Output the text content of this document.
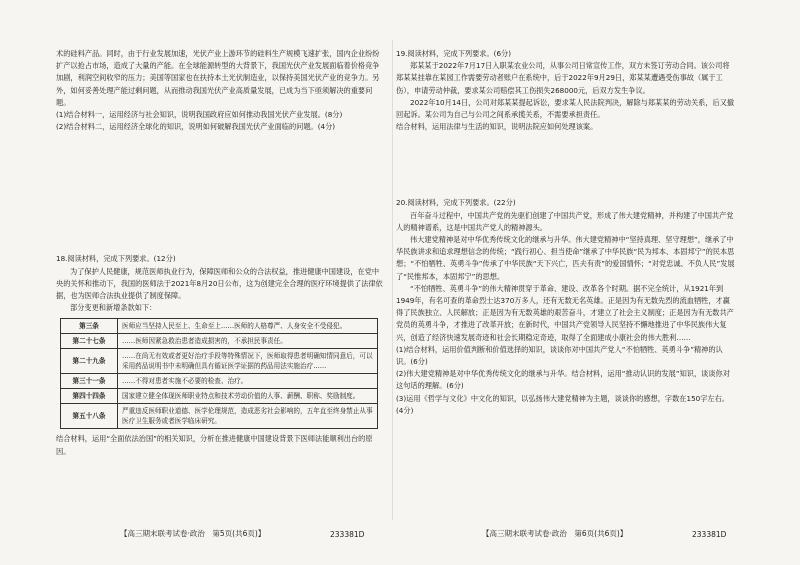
术的硅料产品。同时，由于行业发展加速，光伏产业上游环节的硅料生产规模飞速扩张，国内企业纷纷扩产以抢占市场，造成了大量的产能。在全球能源转型的大背景下，我国光伏产业发展面临着价格竞争加剧，利润空间收窄的压力；美国等国家也在扶持本土光伏制造业，以保持美国光伏产业的竞争力。另外，如何妥善处理产能过剩问题，从而推动我国光伏产业高质量发展，已成为当下亟须解决的重要问题。

(1)结合材料一，运用经济与社会知识，说明我国政府应如何推动我国光伏产业发展。(8分)

(2)结合材料二，运用经济全球化的知识，说明如何破解我国光伏产业面临的问题。(4分)

18.阅读材料，完成下列要求。(12分)

为了保护人民健康，规范医师执业行为，保障医师和公众的合法权益，推进健康中国建设，在党中央的关怀和推动下，我国的医师法于2021年8月20日公布，这为创建完全合理的医疗环境提供了法律依据，也为医师合法执业提供了制度保障。

部分变更和新增条款如下：

第三条	医师应当坚持人民至上、生命至上……医师的人格尊严、人身安全不受侵犯。
第二十七条	……医师因紧急救治患者造成损害的，不承担民事责任。
第二十九条	……在尚无有效或者更好治疗手段等特殊情况下，医师取得患者明确知情同意后，可以采用药品说明书中未明确但具有循证医学证据的药品用法实施治疗……
第三十一条	……不得对患者实施不必要的检查、治疗。
第四十四条	国家建立健全体现医师职业特点和技术劳动价值的人事、薪酬、职称、奖励制度。
第五十八条	严重违反医师职业道德、医学伦理规范，造成恶劣社会影响的，五年直至终身禁止从事医疗卫生服务或者医学临床研究。

结合材料，运用“全面依法治国”的相关知识，分析在推进健康中国建设背景下医师法能顺利出台的原因。

19.阅读材料，完成下列要求。(6分)

郑某某于2022年7月17日入职某农业公司，从事公司日常宣传工作，双方未签订劳动合同。该公司将郑某某挂靠在某园工作需要劳动者账户在系统中，后于2022年9月29日，郑某某遭遇受伤事故（属于工伤），申请劳动仲裁，要求某公司赔偿其工伤损失268000元，后双方发生争议。

2022年10月14日，公司对郑某某提起诉讼，要求某人民法院判决，解除与郑某某的劳动关系，后又撤回起诉。某公司为自己与公司之间系承揽关系，不需要承担责任。

结合材料，运用法律与生活的知识，说明法院应如何处理该案。

20.阅读材料，完成下列要求。(22分)

百年奋斗过程中，中国共产党的先驱们创建了中国共产党，形成了伟大建党精神，并构建了中国共产党人的精神谱系，这是中国共产党人的精神源头。

伟大建党精神是对中华优秀传统文化的继承与升华。伟大建党精神中“坚持真理、坚守理想”，继承了中华民族讲求和追求理想信念的传统；“践行初心、担当使命”继承了中华民族“民为邦本、本固邦宁”的民本思想；“不怕牺牲、英勇斗争”传承了中华民族“天下兴亡，匹夫有责”的爱国情怀；“对党忠诚、不负人民”发展了“民惟邦本，本固邦宁”的思想。

“不怕牺牲、英勇斗争”的伟大精神贯穿于革命、建设、改革各个时期。据不完全统计，从1921年到1949年，有名可查的革命烈士达370万多人，还有无数无名英雄。正是因为有无数先烈的流血牺牲，才赢得了民族独立、人民解放；正是因为有无数英雄的艰苦奋斗，才建立了社会主义制度；正是因为有无数共产党员的英勇斗争，才推进了改革开放；在新时代，中国共产党领导人民坚持不懈地推进了中华民族伟大复兴，创造了经济快速发展奇迹和社会长期稳定奇迹，取得了全面建成小康社会的伟大胜利……

(1)结合材料，运用价值判断和价值选择的知识，谈谈你对中国共产党人“不怕牺牲、英勇斗争”精神的认识。(6分)

(2)伟大建党精神是对中华优秀传统文化的继承与升华。结合材料，运用“推动认识的发展”知识，谈谈你对这句话的理解。(6分)

(3)运用《哲学与文化》中文化的知识，以弘扬伟大建党精神为主题，谈谈你的感想，字数在150字左右。(4分)

【高三期末联考试卷·政治　第5页(共6页)】	233381D	【高三期末联考试卷·政治　第6页(共6页)】	233381D
